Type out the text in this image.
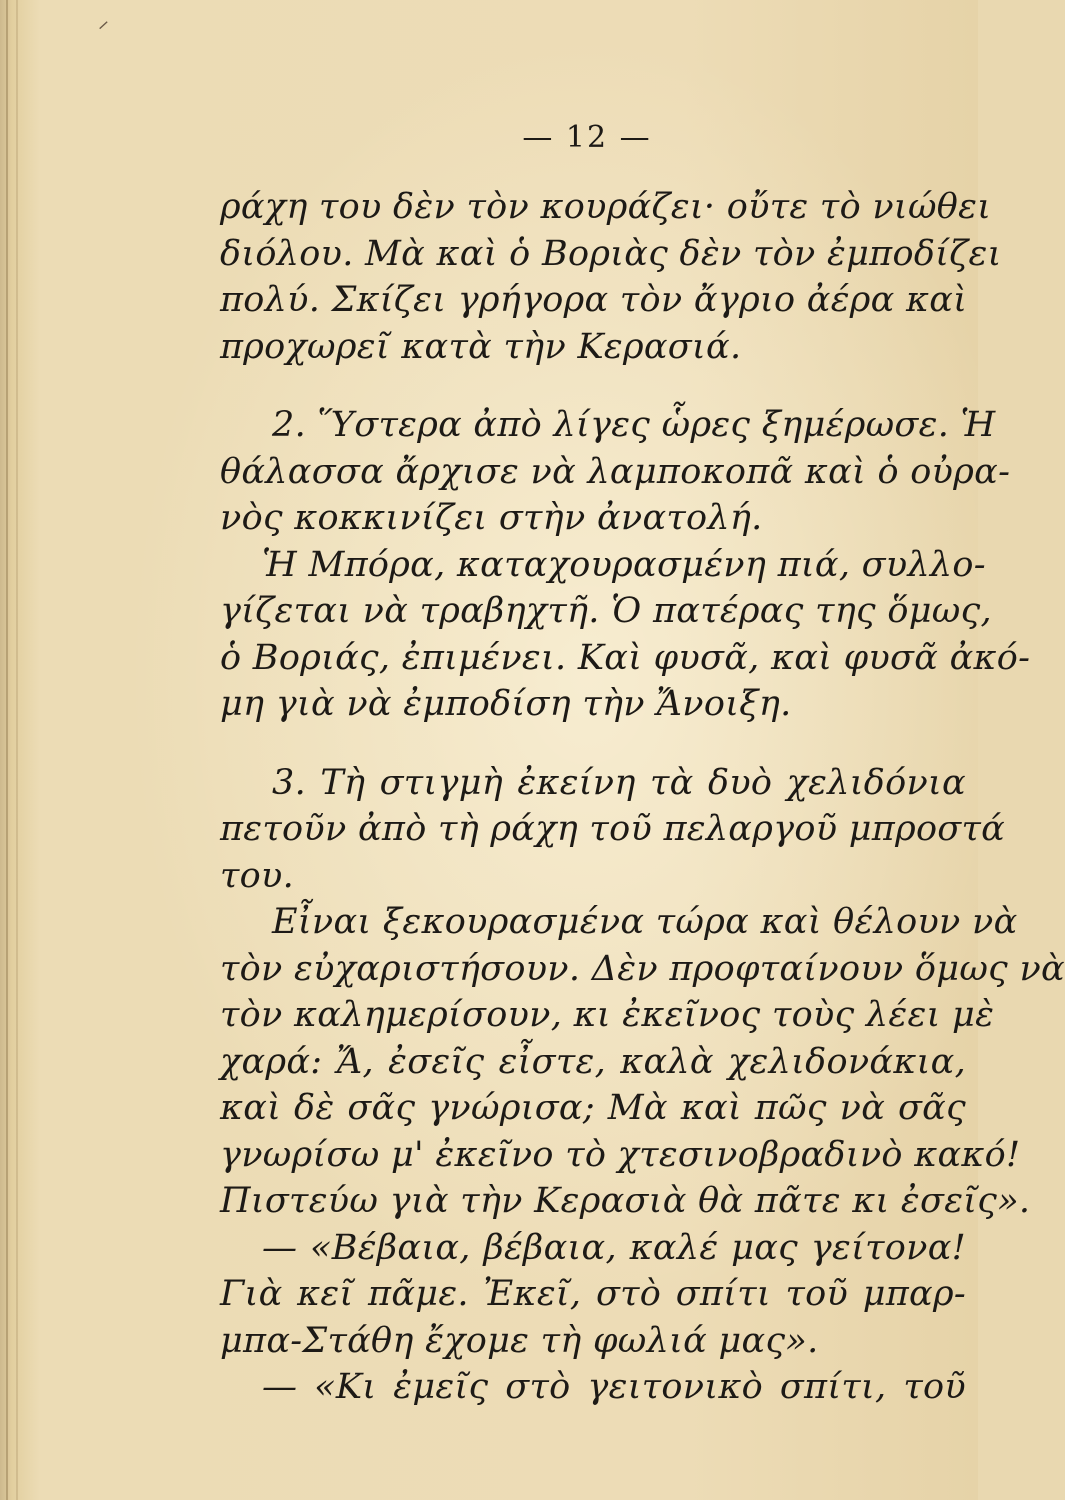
ᐟ
— 12 —
ράχη του δὲν τὸν κουράζει· οὔτε τὸ νιώθει
διόλου. Μὰ καὶ ὁ Βοριὰς δὲν τὸν ἐμποδίζει
πολύ. Σκίζει γρήγορα τὸν ἄγριο ἀέρα καὶ
προχωρεῖ κατὰ τὴν Κερασιά.
2. Ὕστερα ἀπὸ λίγες ὧρες ξημέρωσε. Ἡ
θάλασσα ἄρχισε νὰ λαμποκοπᾶ καὶ ὁ οὐρα-
νὸς κοκκινίζει στὴν ἀνατολή.
Ἡ Μπόρα, καταχουρασμένη πιά, συλλο-
γίζεται νὰ τραβηχτῆ. Ὁ πατέρας της ὅμως,
ὁ Βοριάς, ἐπιμένει. Καὶ φυσᾶ, καὶ φυσᾶ ἀκό-
μη γιὰ νὰ ἐμποδίση τὴν Ἄνοιξη.
3. Τὴ στιγμὴ ἐκείνη τὰ δυὸ χελιδόνια
πετοῦν ἀπὸ τὴ ράχη τοῦ πελαργοῦ μπροστά
του.
Εἶναι ξεκουρασμένα τώρα καὶ θέλουν νὰ
τὸν εὐχαριστήσουν. Δὲν προφταίνουν ὅμως νὰ
τὸν καλημερίσουν, κι ἐκεῖνος τοὺς λέει μὲ
χαρά: Ἄ, ἐσεῖς εἶστε, καλὰ χελιδονάκια,
καὶ δὲ σᾶς γνώρισα; Μὰ καὶ πῶς νὰ σᾶς
γνωρίσω μ' ἐκεῖνο τὸ χτεσινοβραδινὸ κακό!
Πιστεύω γιὰ τὴν Κερασιὰ θὰ πᾶτε κι ἐσεῖς».
— «Βέβαια, βέβαια, καλέ μας γείτονα!
Γιὰ κεῖ πᾶμε. Ἐκεῖ, στὸ σπίτι τοῦ μπαρ-
μπα-Στάθη ἔχομε τὴ φωλιά μας».
— «Κι ἐμεῖς στὸ γειτονικὸ σπίτι, τοῦ
